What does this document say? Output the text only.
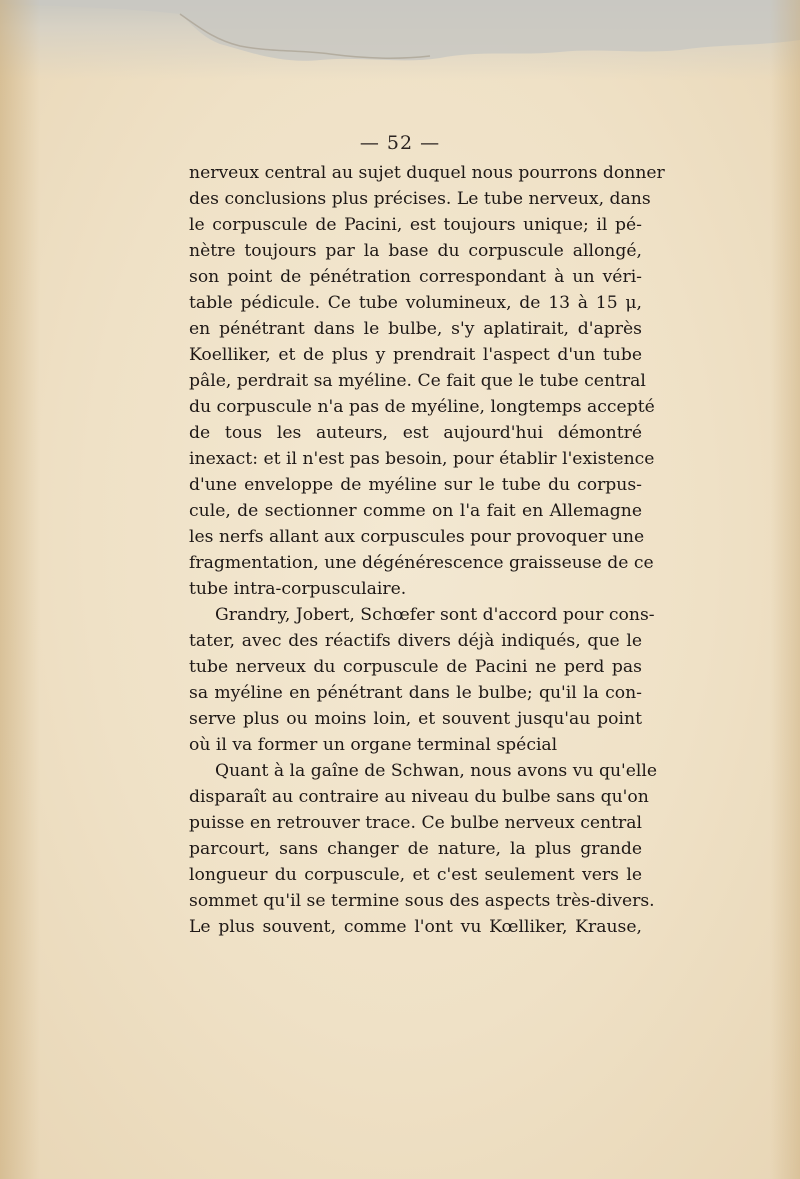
— 52 —
nerveux central au sujet duquel nous pourrons donner
des conclusions plus précises. Le tube nerveux, dans
le corpuscule de Pacini, est toujours unique; il pé-
nètre toujours par la base du corpuscule allongé,
son point de pénétration correspondant à un véri-
table pédicule. Ce tube volumineux, de 13 à 15 μ,
en pénétrant dans le bulbe, s'y aplatirait, d'après
Koelliker, et de plus y prendrait l'aspect d'un tube
pâle, perdrait sa myéline. Ce fait que le tube central
du corpuscule n'a pas de myéline, longtemps accepté
de tous les auteurs, est aujourd'hui démontré
inexact: et il n'est pas besoin, pour établir l'existence
d'une enveloppe de myéline sur le tube du corpus-
cule, de sectionner comme on l'a fait en Allemagne
les nerfs allant aux corpuscules pour provoquer une
fragmentation, une dégénérescence graisseuse de ce
tube intra-corpusculaire.
Grandry, Jobert, Schœfer sont d'accord pour cons-
tater, avec des réactifs divers déjà indiqués, que le
tube nerveux du corpuscule de Pacini ne perd pas
sa myéline en pénétrant dans le bulbe; qu'il la con-
serve plus ou moins loin, et souvent jusqu'au point
où il va former un organe terminal spécial
Quant à la gaîne de Schwan, nous avons vu qu'elle
disparaît au contraire au niveau du bulbe sans qu'on
puisse en retrouver trace. Ce bulbe nerveux central
parcourt, sans changer de nature, la plus grande
longueur du corpuscule, et c'est seulement vers le
sommet qu'il se termine sous des aspects très-divers.
Le plus souvent, comme l'ont vu Kœlliker, Krause,
